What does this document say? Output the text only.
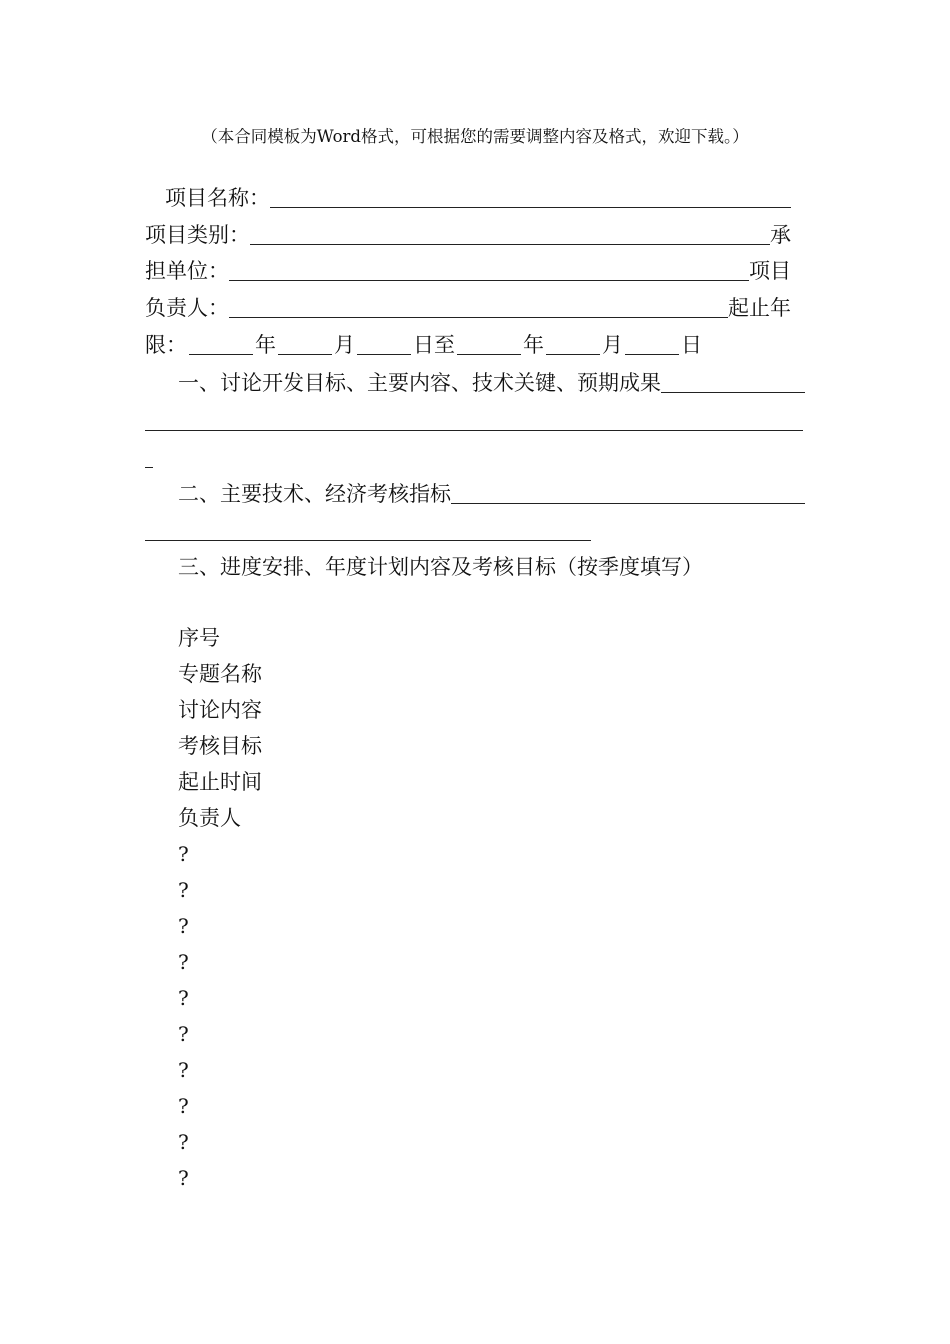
（本合同模板为Word格式，可根据您的需要调整内容及格式，欢迎下载。）
项目名称：
项目类别：	承
担单位：	项目
负责人：	起止年
限：	年	月	日至	年	月	日
一、讨论开发目标、主要内容、技术关键、预期成果
二、主要技术、经济考核指标
三、进度安排、年度计划内容及考核目标（按季度填写）
序号
专题名称
讨论内容
考核目标
起止时间
负责人
?
?
?
?
?
?
?
?
?
?
